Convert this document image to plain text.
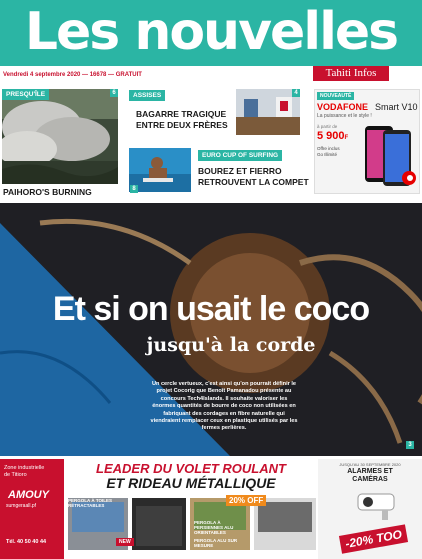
Les nouvelles
Vendredi 4 septembre 2020 — 16678 — GRATUIT	Tahiti Infos
PRESQU'ÎLE	6
PAIHORO'S BURNING
ASSISES
BAGARRE TRAGIQUE
ENTRE DEUX FRÈRES
4
8
EURO CUP OF SURFING
BOUREZ ET FIERRO
RETROUVENT LA COMPET
NOUVEAUTÉ
VODAFONE Smart V10
La puissance et le style !
à partir de
5 900F
Offre inclus
Go Illimité
Et si on usait le coco
jusqu'à la corde
Un cercle vertueux, c'est ainsi qu'on pourrait définir le projet Cocorig que Benoît Pamanadou présente au concours Tech4Islands. Il souhaite valoriser les énormes quantités de bourre de coco non utilisées en fabriquant des cordages en fibre naturelle qui viendraient remplacer ceux en plastique utilisés par les fermes perlières.
3
Zone industrielle
de Titioro
AMOUY
sumgeraall.pf
Tél. 40 50 40 44
LEADER DU VOLET ROULANT
ET RIDEAU MÉTALLIQUE
PERGOLA À TOILES RÉTRACTABLES
PERGOLA À PERSIENNES ALU ORIENTABLES
PERGOLA ALU SUR MESURE
20% OFF
NEW
JUSQU'AU 30 SEPTEMBRE 2020
ALARMES ET
CAMÉRAS
-20% TOO
